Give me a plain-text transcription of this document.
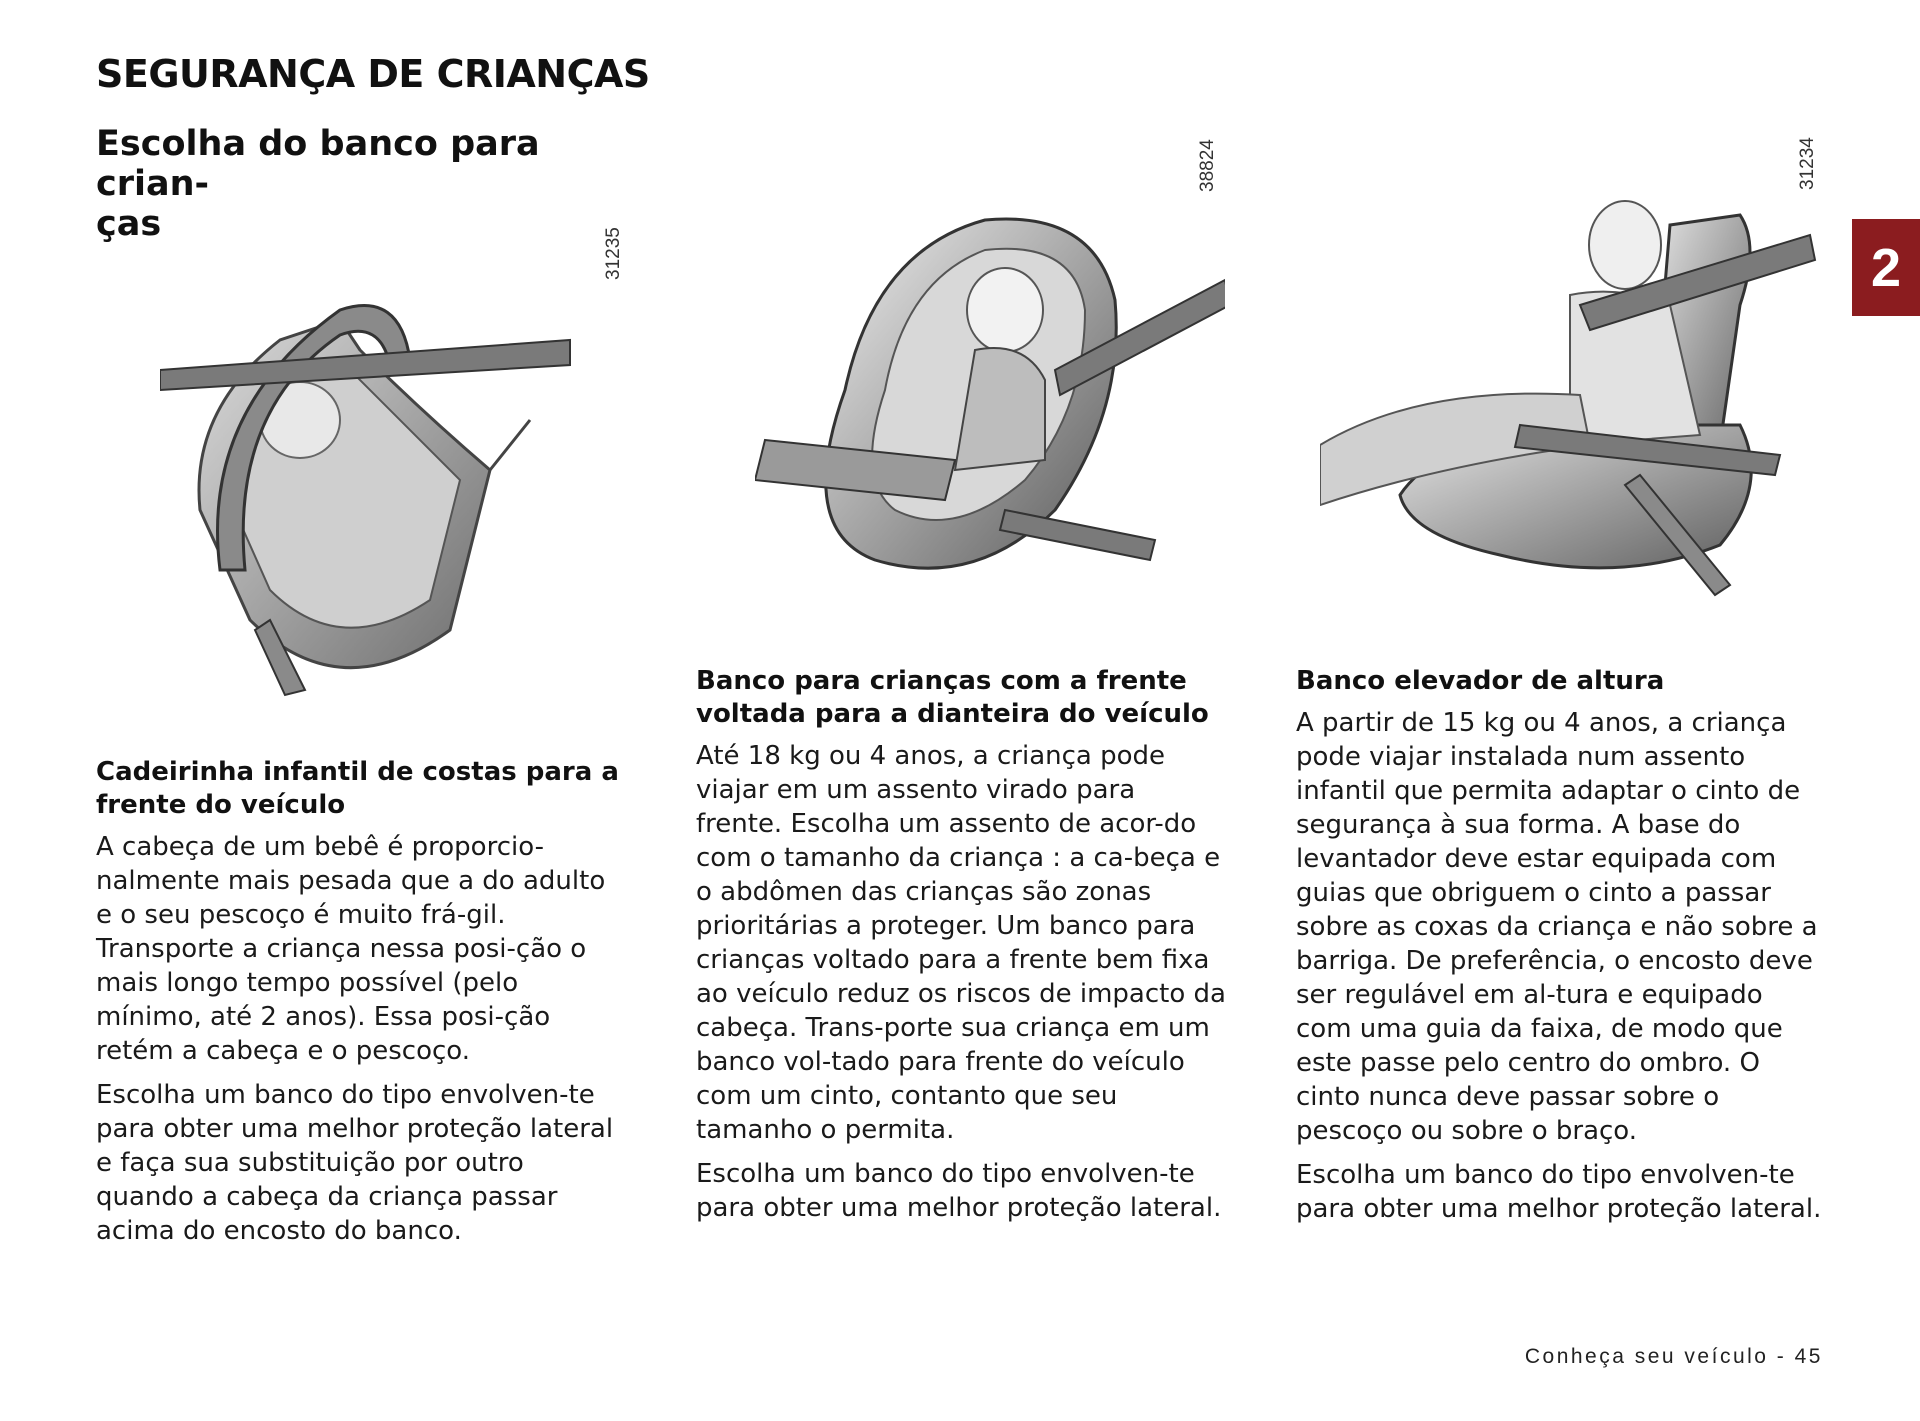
SEGURANÇA DE CRIANÇAS
Escolha do banco para crian-
ças
2
31235
38824	31234
Cadeirinha infantil de costas para a frente do veículo

A cabeça de um bebê é proporcio-nalmente mais pesada que a do adulto e o seu pescoço é muito frá-gil. Transporte a criança nessa posi-ção o mais longo tempo possível (pelo mínimo, até 2 anos). Essa posi-ção retém a cabeça e o pescoço.

Escolha um banco do tipo envolven-te para obter uma melhor proteção lateral e faça sua substituição por outro quando a cabeça da criança passar acima do encosto do banco.

Banco para crianças com a frente voltada para a dianteira do veículo

Até 18 kg ou 4 anos, a criança pode viajar em um assento virado para frente. Escolha um assento de acor-do com o tamanho da criança : a ca-beça e o abdômen das crianças são zonas prioritárias a proteger. Um banco para crianças voltado para a frente bem fixa ao veículo reduz os riscos de impacto da cabeça. Trans-porte sua criança em um banco vol-tado para frente do veículo com um cinto, contanto que seu tamanho o permita.

Escolha um banco do tipo envolven-te para obter uma melhor proteção lateral.

Banco elevador de altura

A partir de 15 kg ou 4 anos, a criança pode viajar instalada num assento infantil que permita adaptar o cinto de segurança à sua forma. A base do levantador deve estar equipada com guias que obriguem o cinto a passar sobre as coxas da criança e não sobre a barriga. De preferência, o encosto deve ser regulável em al-tura e equipado com uma guia da faixa, de modo que este passe pelo centro do ombro. O cinto nunca deve passar sobre o pescoço ou sobre o braço.

Escolha um banco do tipo envolven-te para obter uma melhor proteção lateral.

Conheça seu veículo - 45
